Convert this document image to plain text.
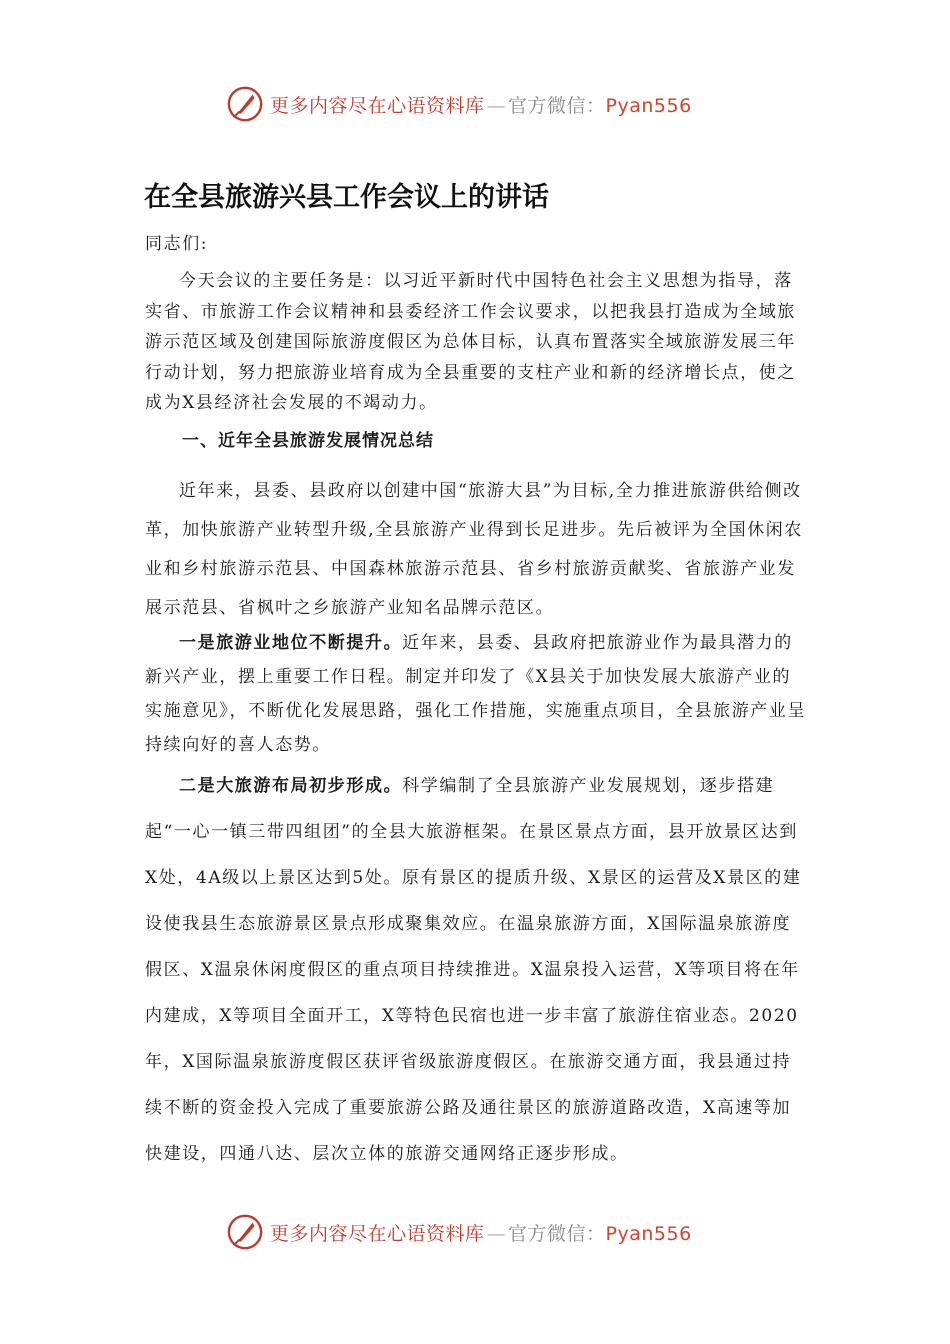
更多内容尽在心语资料库 — 官方微信：Pyan556
在全县旅游兴县工作会议上的讲话

同志们:

今天会议的主要任务是：以习近平新时代中国特色社会主义思想为指导，落实省、市旅游工作会议精神和县委经济工作会议要求，以把我县打造成为全域旅游示范区域及创建国际旅游度假区为总体目标，认真布置落实全域旅游发展三年行动计划，努力把旅游业培育成为全县重要的支柱产业和新的经济增长点，使之成为X县经济社会发展的不竭动力。

一、近年全县旅游发展情况总结

近年来，县委、县政府以创建中国“旅游大县”为目标,全力推进旅游供给侧改革，加快旅游产业转型升级,全县旅游产业得到长足进步。先后被评为全国休闲农业和乡村旅游示范县、中国森林旅游示范县、省乡村旅游贡献奖、省旅游产业发展示范县、省枫叶之乡旅游产业知名品牌示范区。

一是旅游业地位不断提升。近年来，县委、县政府把旅游业作为最具潜力的新兴产业，摆上重要工作日程。制定并印发了《X县关于加快发展大旅游产业的实施意见》，不断优化发展思路，强化工作措施，实施重点项目，全县旅游产业呈持续向好的喜人态势。

二是大旅游布局初步形成。科学编制了全县旅游产业发展规划，逐步搭建起“一心一镇三带四组团”的全县大旅游框架。在景区景点方面，县开放景区达到X处，4A级以上景区达到5处。原有景区的提质升级、X景区的运营及X景区的建设使我县生态旅游景区景点形成聚集效应。在温泉旅游方面，X国际温泉旅游度假区、X温泉休闲度假区的重点项目持续推进。X温泉投入运营，X等项目将在年内建成，X等项目全面开工，X等特色民宿也进一步丰富了旅游住宿业态。2020年，X国际温泉旅游度假区获评省级旅游度假区。在旅游交通方面，我县通过持续不断的资金投入完成了重要旅游公路及通往景区的旅游道路改造，X高速等加快建设，四通八达、层次立体的旅游交通网络正逐步形成。

更多内容尽在心语资料库 — 官方微信：Pyan556
